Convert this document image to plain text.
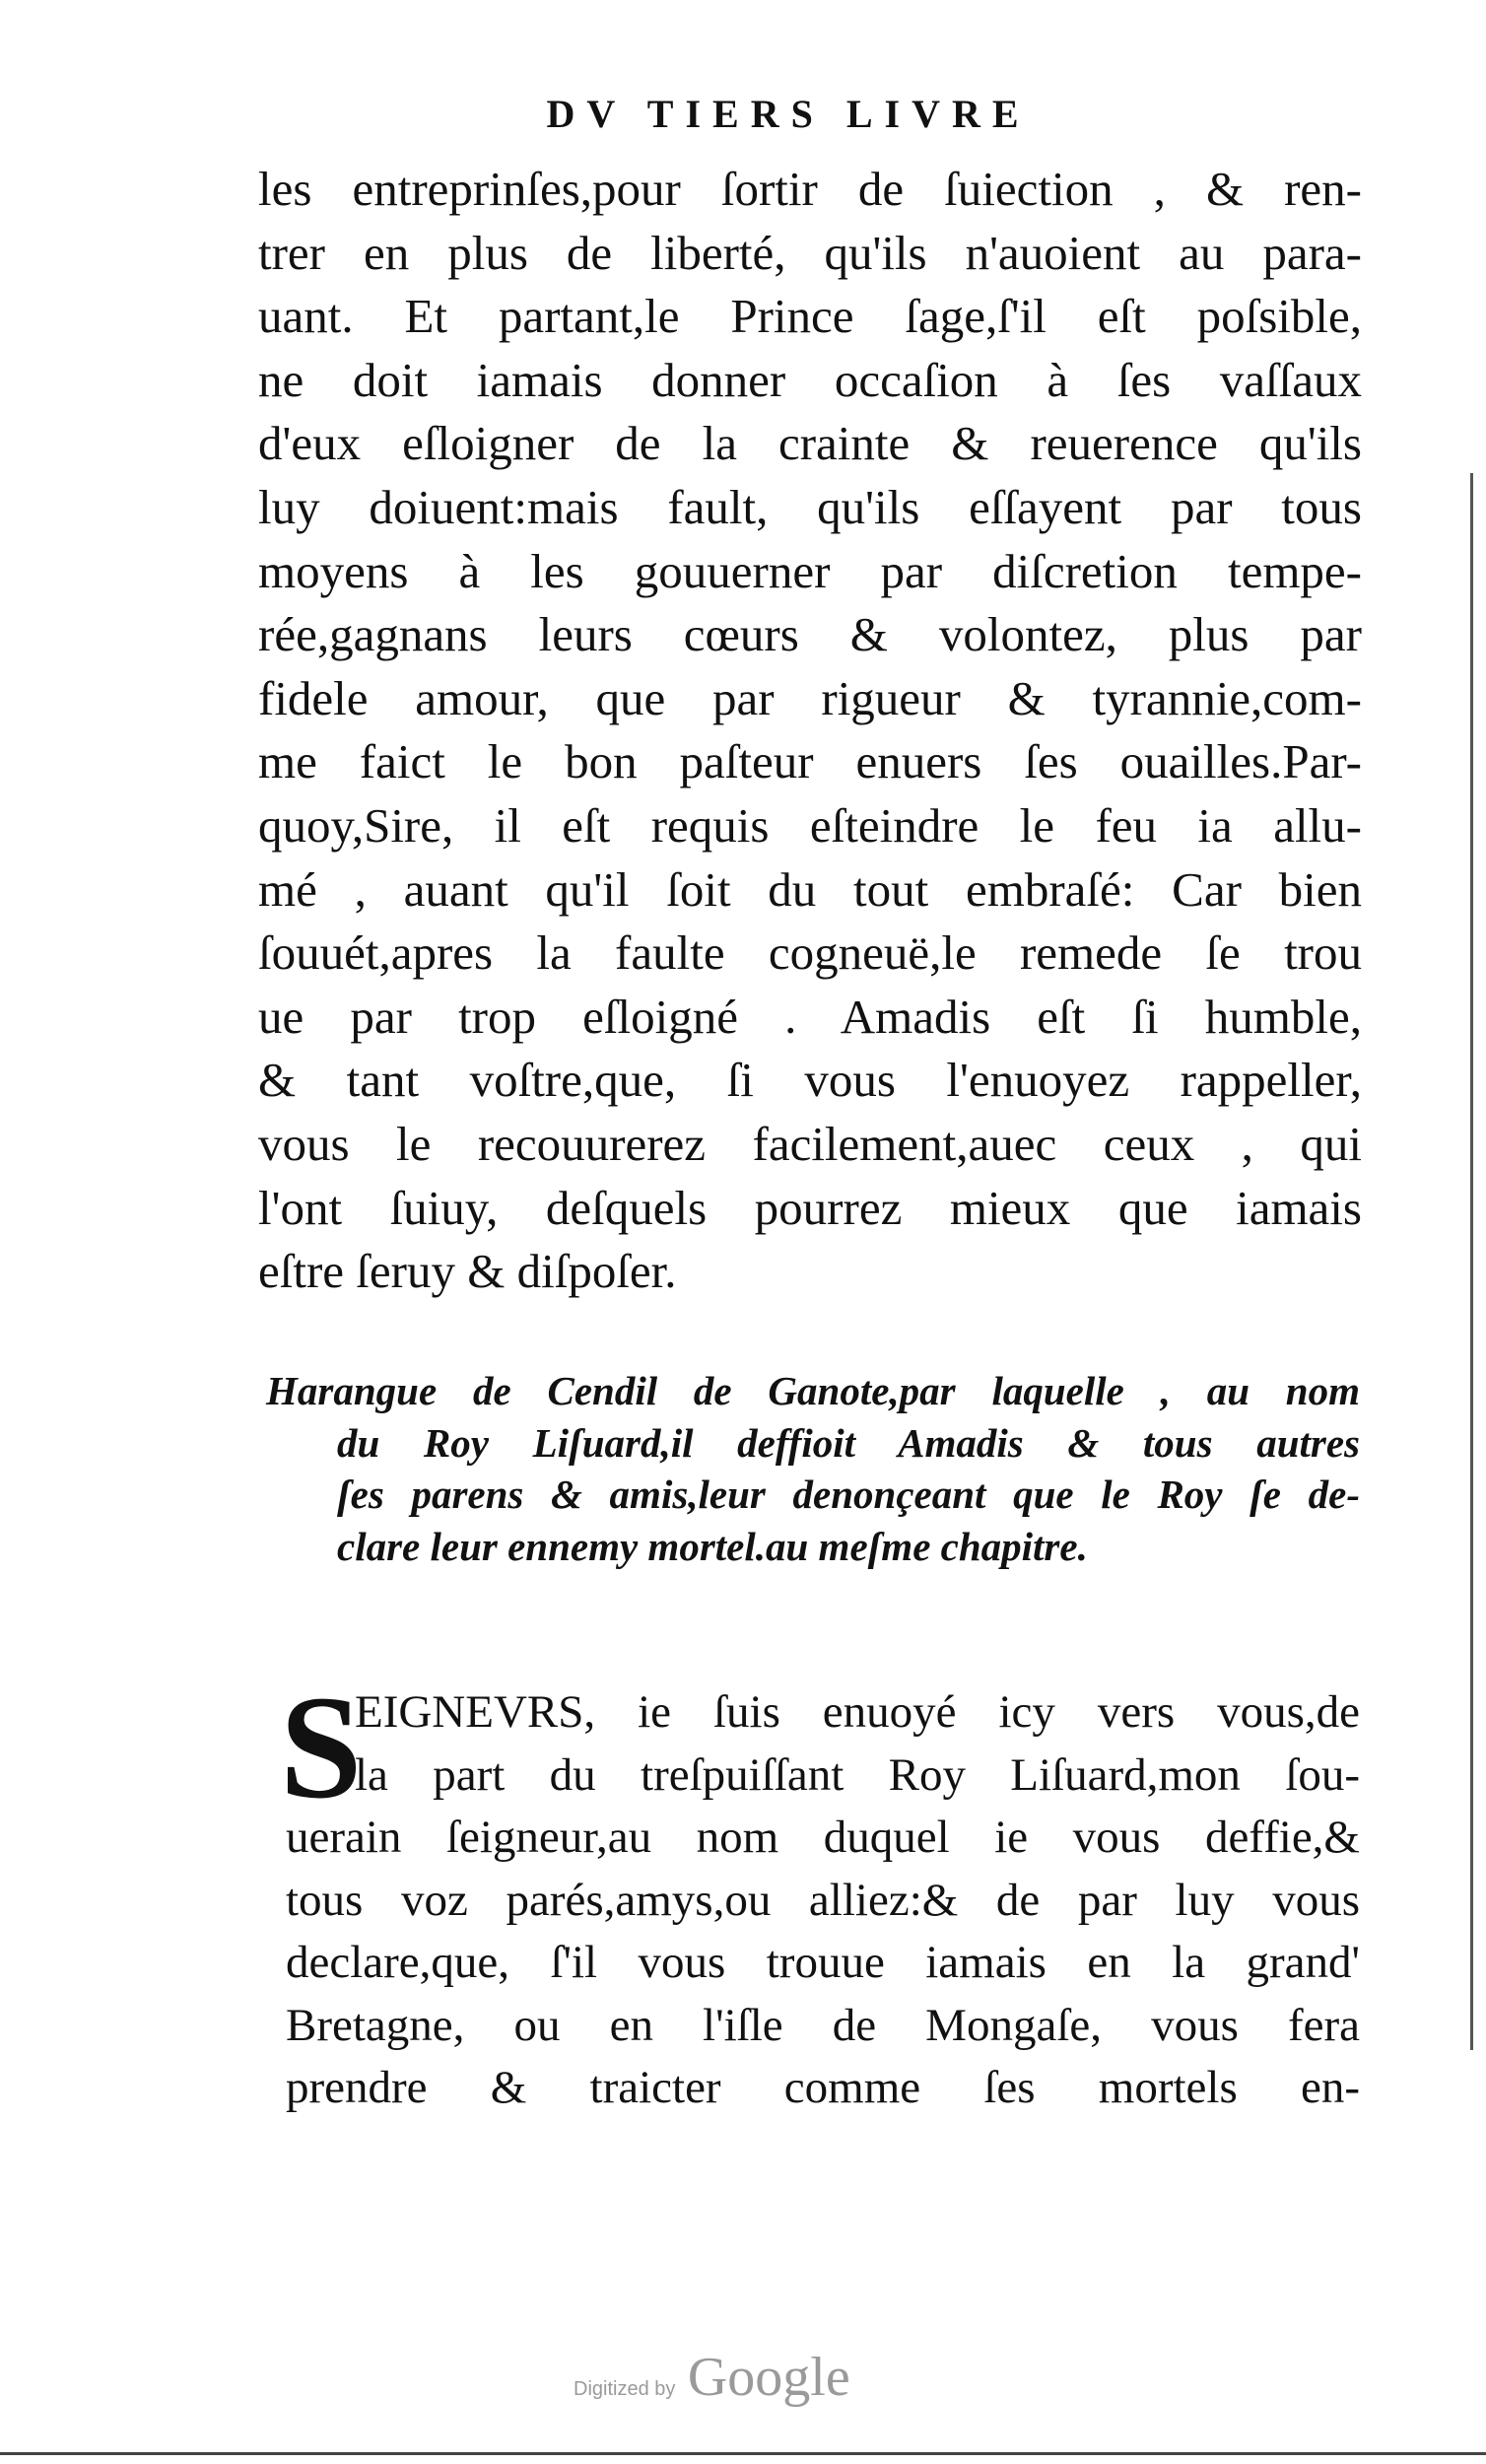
DV TIERS LIVRE
les entreprinſes,pour ſortir de ſuiection , & ren-
trer en plus de liberté, qu'ils n'auoient au para-
uant. Et partant,le Prince ſage,ſ'il eſt poſsible,
ne doit iamais donner occaſion à ſes vaſſaux
d'eux eſloigner de la crainte & reuerence qu'ils
luy doiuent:mais fault, qu'ils eſſayent par tous
moyens à les gouuerner par diſcretion tempe-
rée,gagnans leurs cœurs & volontez, plus par
fidele amour, que par rigueur & tyrannie,com-
me faict le bon paſteur enuers ſes ouailles.Par-
quoy,Sire, il eſt requis eſteindre le feu ia allu-
mé , auant qu'il ſoit du tout embraſé: Car bien
ſouuét,apres la faulte cogneuë,le remede ſe trou
ue par trop eſloigné . Amadis eſt ſi humble,
& tant voſtre,que, ſi vous l'enuoyez rappeller,
vous le recouurerez facilement,auec ceux , qui
l'ont ſuiuy, deſquels pourrez mieux que iamais
eſtre ſeruy & diſpoſer.
Harangue de Cendil de Ganote,par laquelle , au nom
du Roy Liſuard,il deffioit Amadis & tous autres
ſes parens & amis,leur denonçeant que le Roy ſe de-
clare leur ennemy mortel.au meſme chapitre.
S
EIGNEVRS, ie ſuis enuoyé icy vers vous,de
la part du treſpuiſſant Roy Liſuard,mon ſou-
uerain ſeigneur,au nom duquel ie vous deffie,&
tous voz parés,amys,ou alliez:& de par luy vous
declare,que, ſ'il vous trouue iamais en la grand'
Bretagne, ou en l'iſle de Mongaſe, vous fera
prendre & traicter comme ſes mortels en-
Digitized by Google
